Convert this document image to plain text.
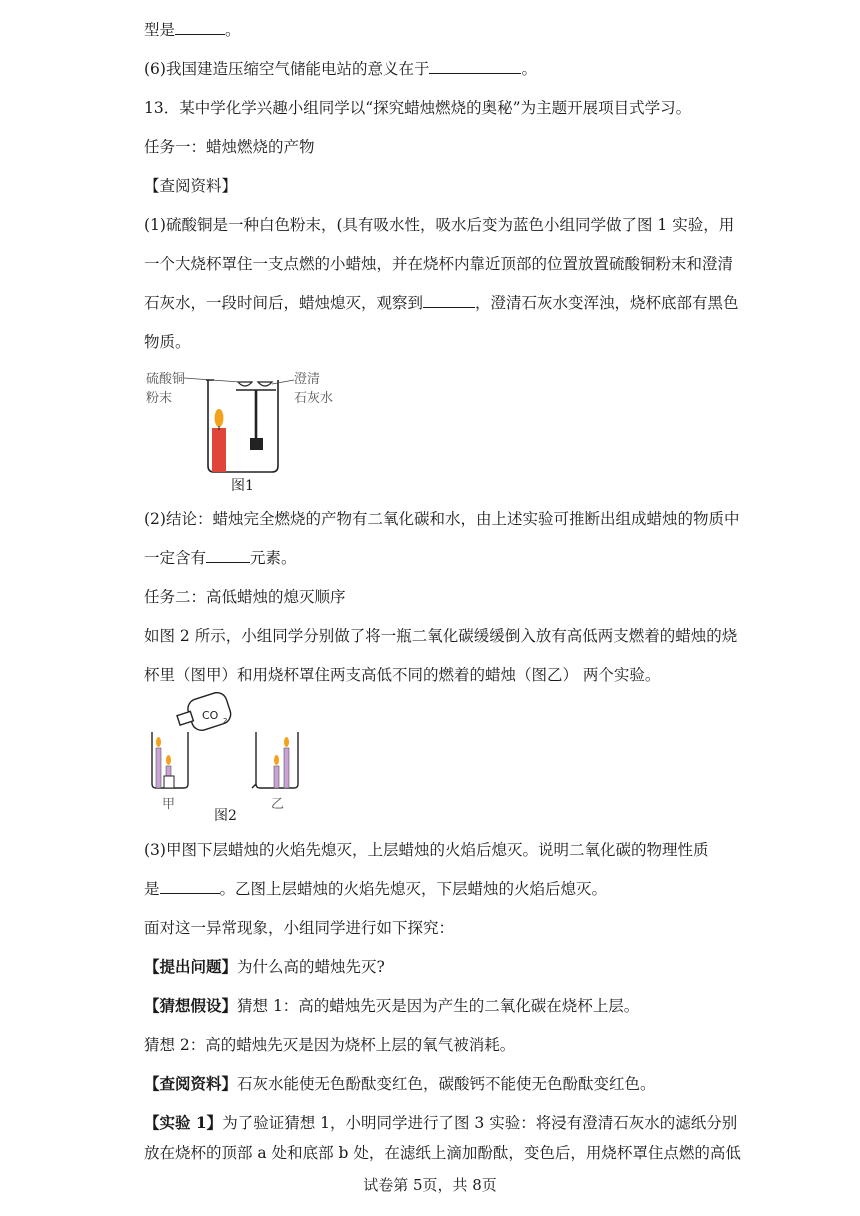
型是	。
(6)我国建造压缩空气储能电站的意义在于	。
13．某中学化学兴趣小组同学以“探究蜡烛燃烧的奥秘”为主题开展项目式学习。
任务一：蜡烛燃烧的产物
【查阅资料】
(1)硫酸铜是一种白色粉末，(具有吸水性，吸水后变为蓝色小组同学做了图 1 实验，用
一个大烧杯罩住一支点燃的小蜡烛，并在烧杯内靠近顶部的位置放置硫酸铜粉末和澄清
石灰水，一段时间后，蜡烛熄灭，观察到	，澄清石灰水变浑浊，烧杯底部有黑色
物质。
硫酸铜
粉末
澄清
石灰水
图1
(2)结论：蜡烛完全燃烧的产物有二氧化碳和水，由上述实验可推断出组成蜡烛的物质中
一定含有	元素。
任务二：高低蜡烛的熄灭顺序
如图 2 所示，小组同学分别做了将一瓶二氧化碳缓缓倒入放有高低两支燃着的蜡烛的烧
杯里（图甲）和用烧杯罩住两支高低不同的燃着的蜡烛（图乙） 两个实验。
CO 2
甲	乙
图2
(3)甲图下层蜡烛的火焰先熄灭，上层蜡烛的火焰后熄灭。说明二氧化碳的物理性质
是	。乙图上层蜡烛的火焰先熄灭，下层蜡烛的火焰后熄灭。
面对这一异常现象，小组同学进行如下探究：
【提出问题】为什么高的蜡烛先灭?
【猜想假设】猜想 1：高的蜡烛先灭是因为产生的二氧化碳在烧杯上层。
猜想 2：高的蜡烛先灭是因为烧杯上层的氧气被消耗。
【查阅资料】石灰水能使无色酚酞变红色，碳酸钙不能使无色酚酞变红色。
【实验 1】为了验证猜想 1，小明同学进行了图 3 实验：将浸有澄清石灰水的滤纸分别
放在烧杯的顶部 a 处和底部 b 处，在滤纸上滴加酚酞，变色后，用烧杯罩住点燃的高低
试卷第 5页，共 8页
